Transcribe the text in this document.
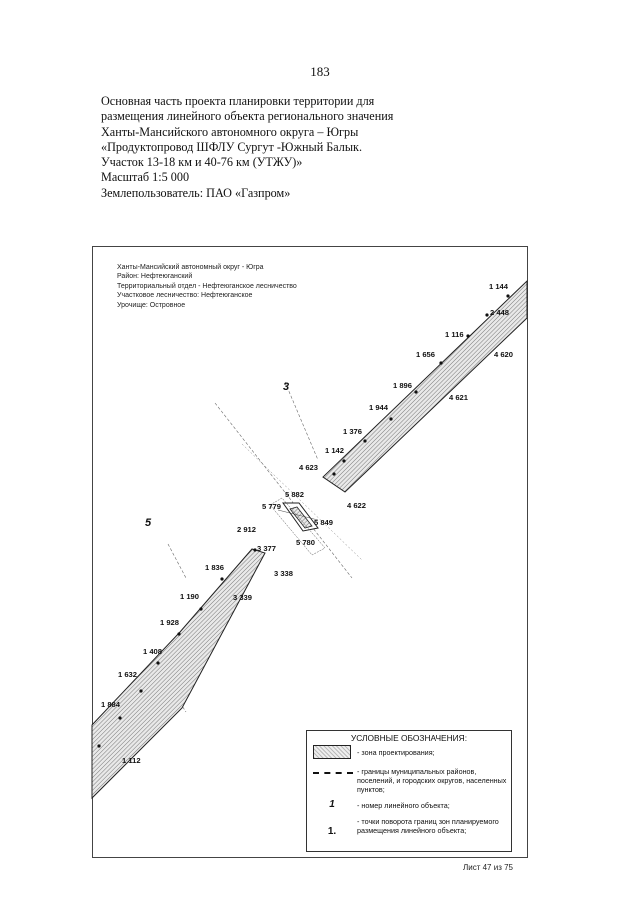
183
Основная часть проекта планировки территории для
размещения линейного объекта регионального значения
Ханты-Мансийского автономного округа – Югры
«Продуктопровод ШФЛУ Сургут -Южный Балык.
Участок 13-18 км и 40-76 км (УТЖУ)»
Масштаб 1:5 000
Землепользователь: ПАО «Газпром»
3
5
1 144
2 448
1 116
4 620
1 656
1 896
4 621
1 944
1 376
1 142
4 623
5 882
4 622
5 779
5 849
5 780
2 912
3 377
3 338
1 836
3 339
1 190
1 928
1 408
1 632
1 884
1 112
Ханты-Мансийский автономный округ - Югра
Район: Нефтеюганский
Территориальный отдел - Нефтеюганское лесничество
Участковое лесничество: Нефтеюганское
Урочище: Островное
УСЛОВНЫЕ ОБОЗНАЧЕНИЯ:
- зона проектирования;
- границы муниципальных районов, поселений, и городских округов, населенных пунктов;
1	- номер линейного объекта;
1.
- точки поворота границ зон планируемого размещения линейного объекта;
Лист 47 из 75
